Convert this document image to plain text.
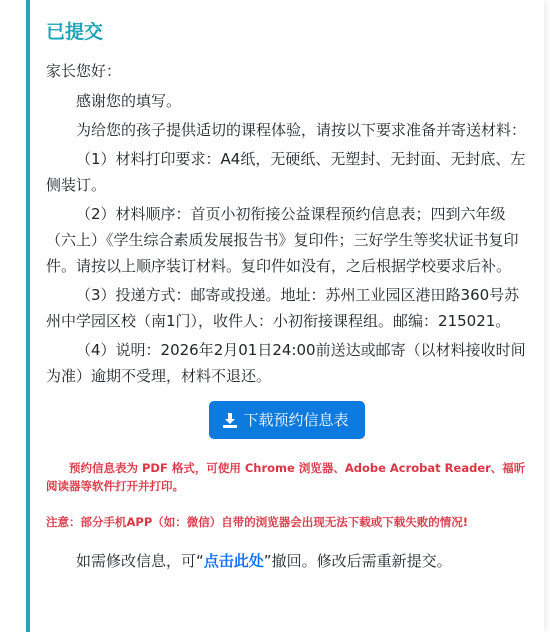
已提交

家长您好：

感谢您的填写。

为给您的孩子提供适切的课程体验，请按以下要求准备并寄送材料：

（1）材料打印要求：A4纸，无硬纸、无塑封、无封面、无封底、左侧装订。

（2）材料顺序：首页小初衔接公益课程预约信息表；四到六年级（六上）《学生综合素质发展报告书》复印件；三好学生等奖状证书复印件。请按以上顺序装订材料。复印件如没有，之后根据学校要求后补。

（3）投递方式：邮寄或投递。地址：苏州工业园区港田路360号苏州中学园区校（南1门），收件人：小初衔接课程组。邮编：215021。

（4）说明：2026年2月01日24:00前送达或邮寄（以材料接收时间为准）逾期不受理，材料不退还。

下载预约信息表
预约信息表为 PDF 格式，可使用 Chrome 浏览器、Adobe Acrobat Reader、福昕阅读器等软件打开并打印。
注意：部分手机APP（如：微信）自带的浏览器会出现无法下载或下载失败的情况!
如需修改信息，可“点击此处”撤回。修改后需重新提交。
